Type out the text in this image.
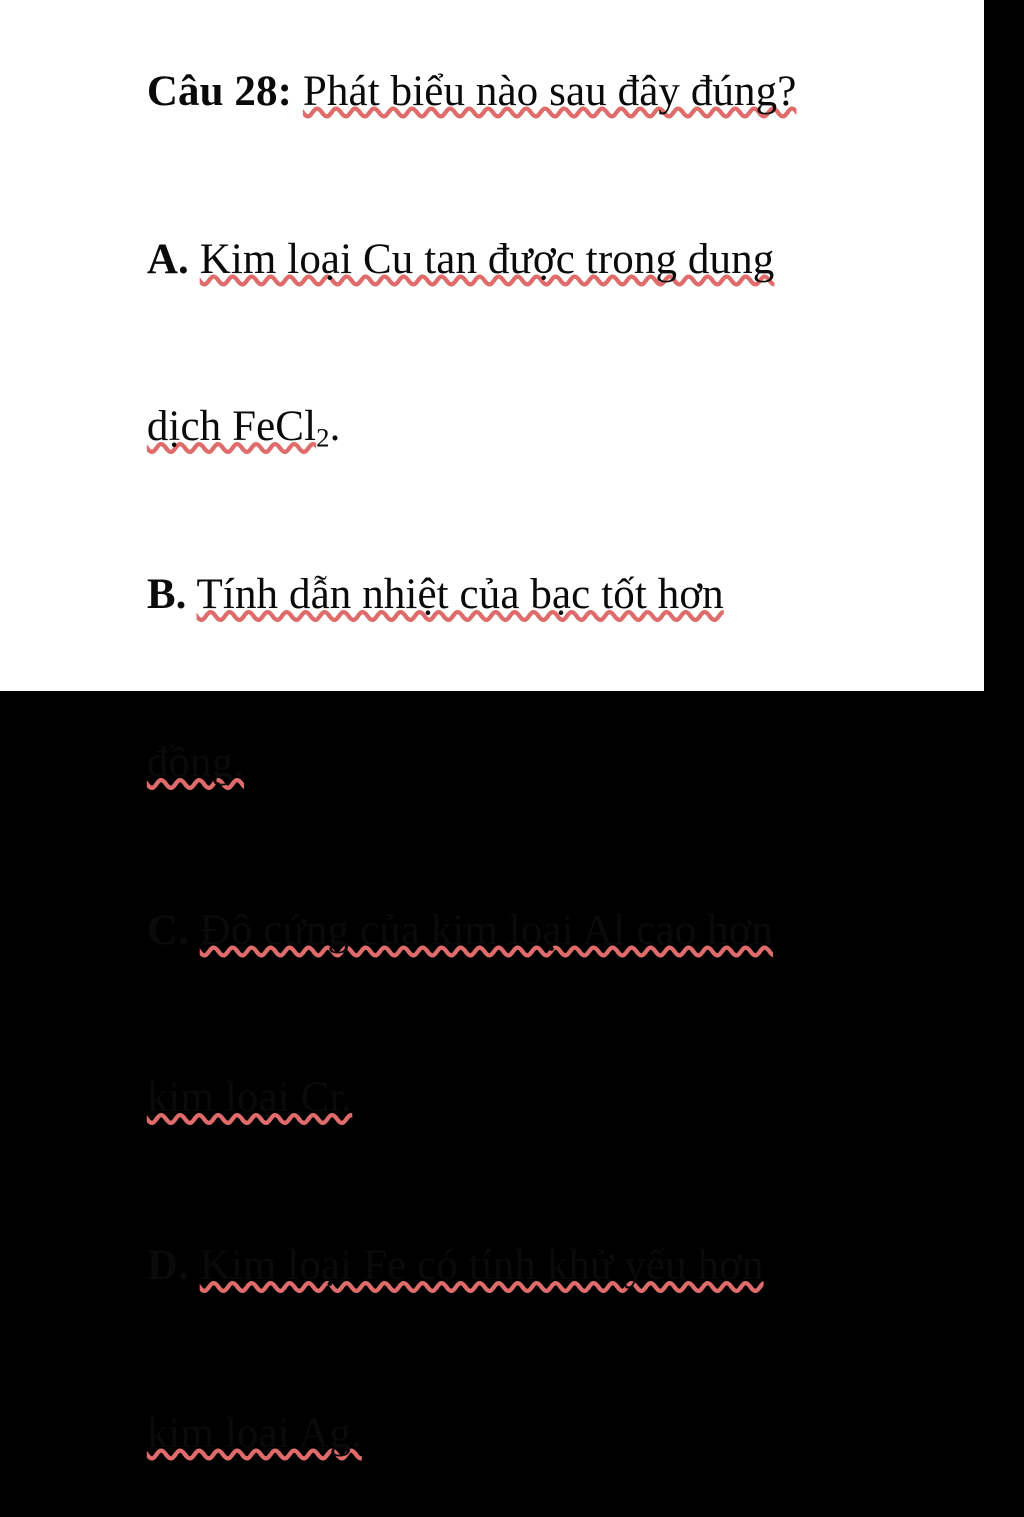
Câu 28: Phát biểu nào sau đây đúng?

A. Kim loại Cu tan được trong dung

dịch FeCl$_2$.

B. Tính dẫn nhiệt của bạc tốt hơn

đồng.

C. Độ cứng của kim loại Al cao hơn

kim loại Cr.

D. Kim loại Fe có tính khử yếu hơn

kim loại Ag.
